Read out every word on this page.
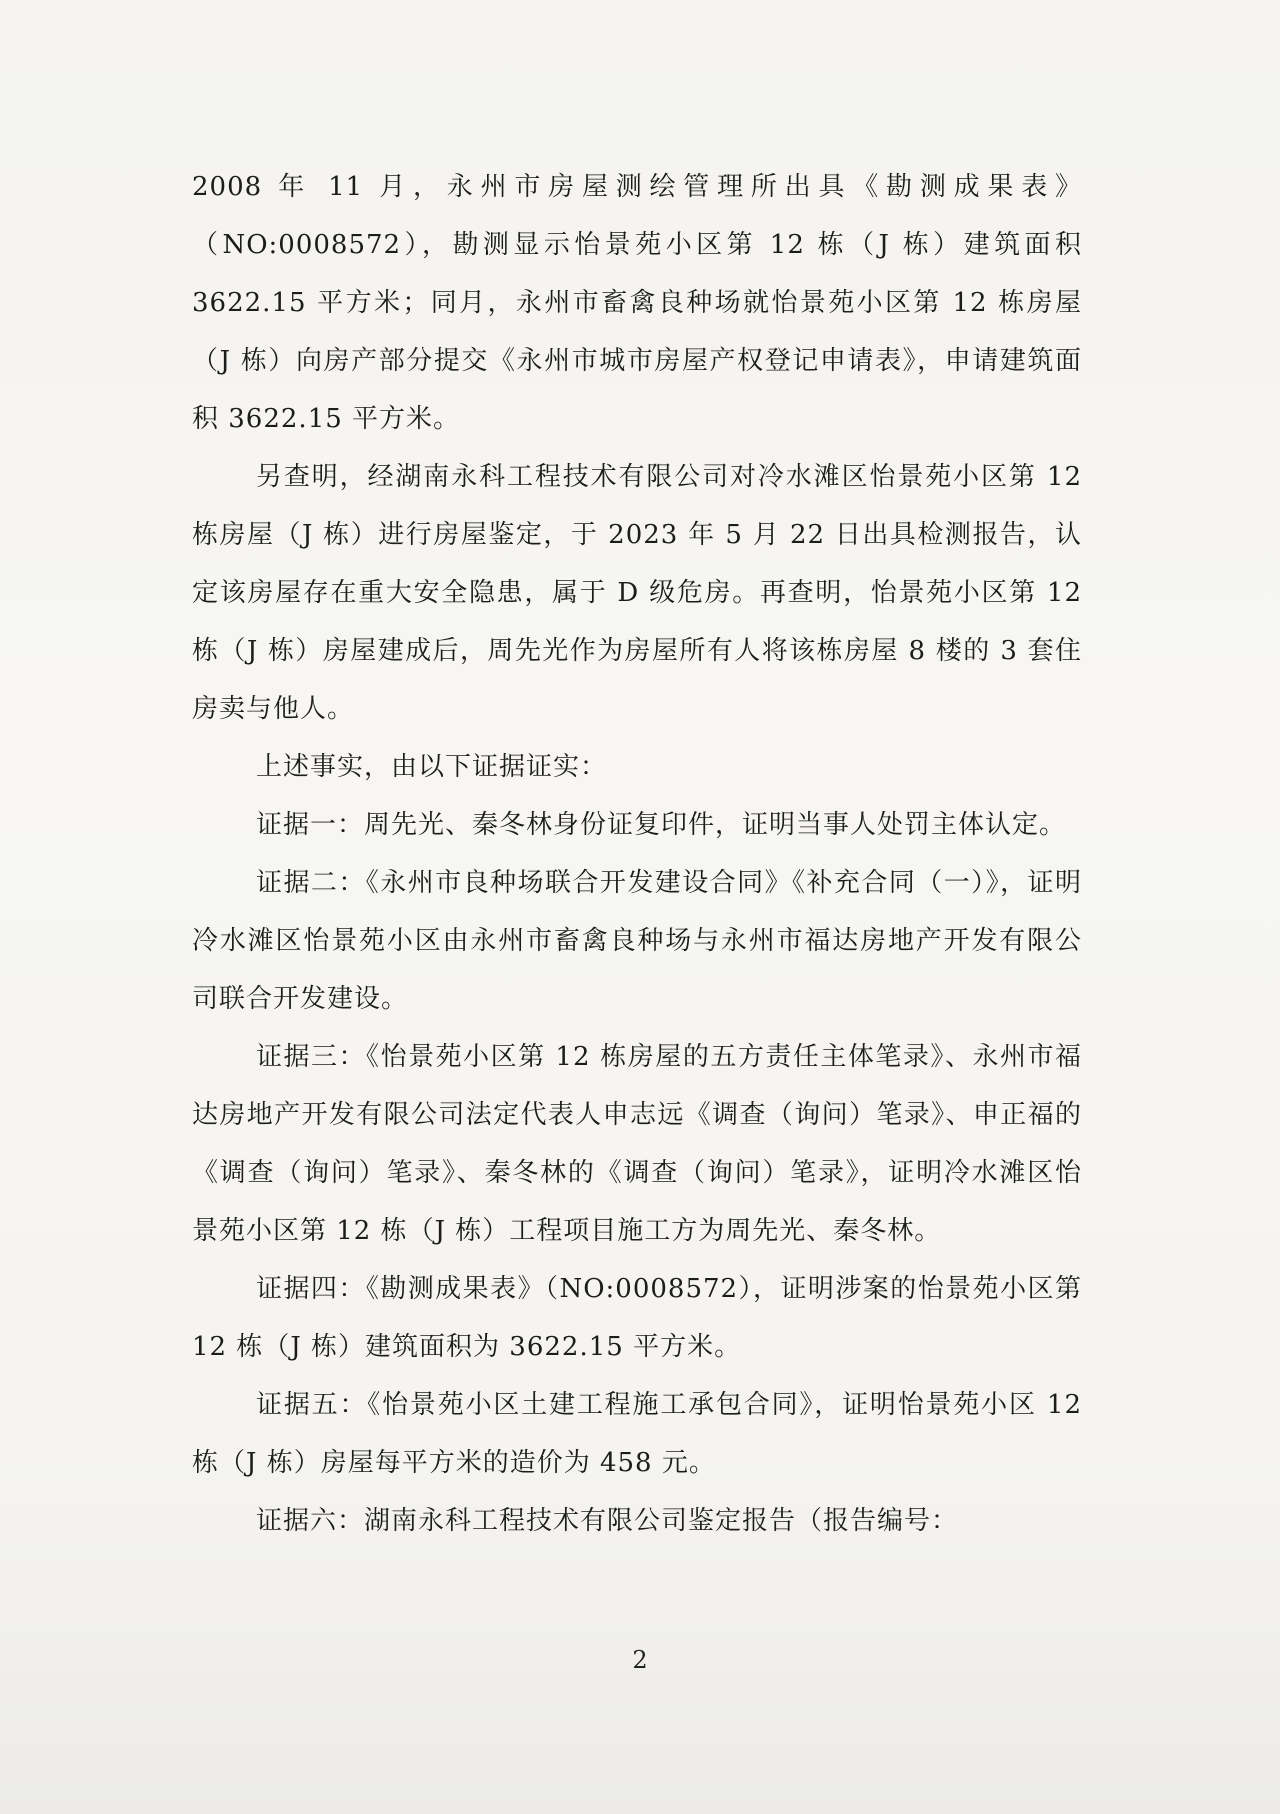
2008 年 11 月，永州市房屋测绘管理所出具《勘测成果表》（NO:0008572），勘测显示怡景苑小区第 12 栋（J 栋）建筑面积 3622.15 平方米；同月，永州市畜禽良种场就怡景苑小区第 12 栋房屋（J 栋）向房产部分提交《永州市城市房屋产权登记申请表》，申请建筑面积 3622.15 平方米。

另查明，经湖南永科工程技术有限公司对冷水滩区怡景苑小区第 12 栋房屋（J 栋）进行房屋鉴定，于 2023 年 5 月 22 日出具检测报告，认定该房屋存在重大安全隐患，属于 D 级危房。再查明，怡景苑小区第 12 栋（J 栋）房屋建成后，周先光作为房屋所有人将该栋房屋 8 楼的 3 套住房卖与他人。

上述事实，由以下证据证实：

证据一：周先光、秦冬林身份证复印件，证明当事人处罚主体认定。

证据二：《永州市良种场联合开发建设合同》《补充合同（一）》，证明冷水滩区怡景苑小区由永州市畜禽良种场与永州市福达房地产开发有限公司联合开发建设。

证据三：《怡景苑小区第 12 栋房屋的五方责任主体笔录》、永州市福达房地产开发有限公司法定代表人申志远《调查（询问）笔录》、申正福的《调查（询问）笔录》、秦冬林的《调查（询问）笔录》，证明冷水滩区怡景苑小区第 12 栋（J 栋）工程项目施工方为周先光、秦冬林。

证据四：《勘测成果表》（NO:0008572），证明涉案的怡景苑小区第 12 栋（J 栋）建筑面积为 3622.15 平方米。

证据五：《怡景苑小区土建工程施工承包合同》，证明怡景苑小区 12 栋（J 栋）房屋每平方米的造价为 458 元。

证据六：湖南永科工程技术有限公司鉴定报告（报告编号：

2
